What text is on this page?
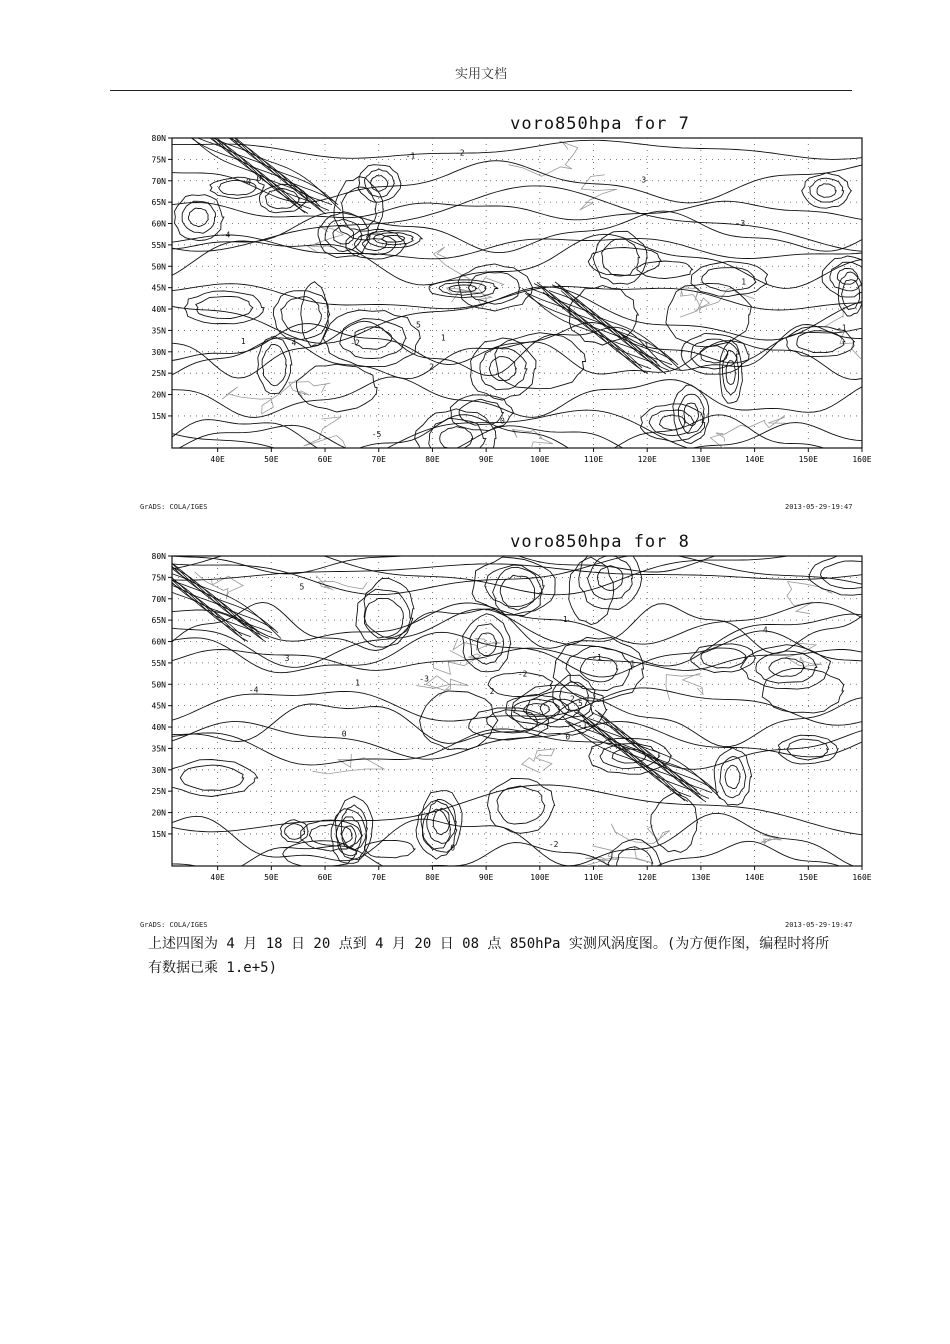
实用文档
voro850hpa for 7
80N
75N
70N
65N
60N
55N
50N
45N
40N
35N
30N
25N
20N
15N
40E	50E	60E	70E	80E	90E	100E	110E	120E	130E	140E	150E	160E
-3
3
-4
-1
0
1
2
-2
4
-5
5
-1
1
0
-1
0
1
-2
GrADS: COLA/IGES	2013-05-29-19:47
voro850hpa for 8
80N
75N
70N
65N
60N
55N
50N
45N
40N
35N
30N
25N
20N
15N
40E	50E	60E	70E	80E	90E	100E	110E	120E	130E	140E	150E	160E
-2
2
-1
0
1
-3
3
-4
4
-5
5
-2
1
0
-1
2
-1
0
GrADS: COLA/IGES	2013-05-29-19:47
上述四图为 4 月 18 日 20 点到 4 月 20 日 08 点 850hPa 实测风涡度图。(为方便作图，编程时将所
有数据已乘 1.e+5)
